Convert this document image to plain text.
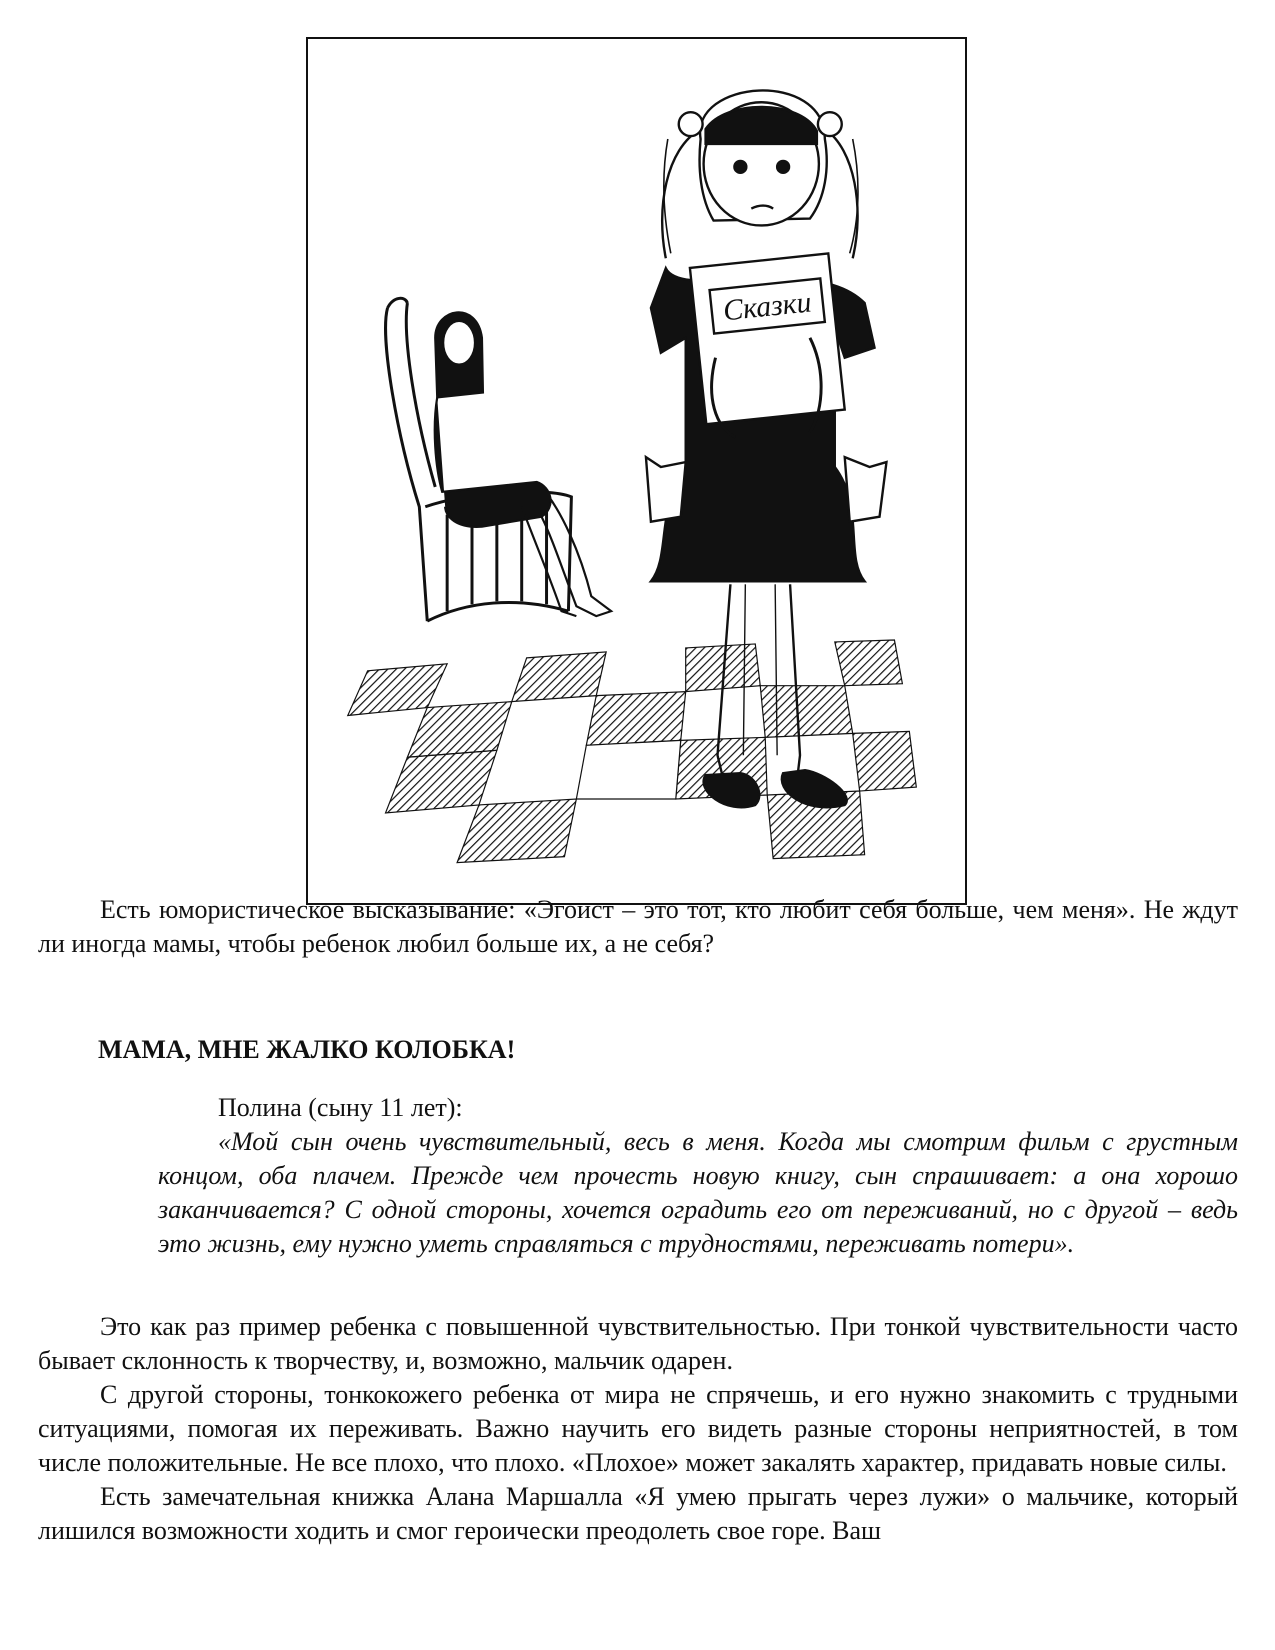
Сказки

Есть юмористическое высказывание: «Эгоист – это тот, кто любит себя больше, чем меня». Не ждут ли иногда мамы, чтобы ребенок любил больше их, а не себя?

МАМА, МНЕ ЖАЛКО КОЛОБКА!

Полина (сыну 11 лет):

«Мой сын очень чувствительный, весь в меня. Когда мы смотрим фильм с грустным концом, оба плачем. Прежде чем прочесть новую книгу, сын спрашивает: а она хорошо заканчивается? С одной стороны, хочется оградить его от переживаний, но с другой – ведь это жизнь, ему нужно уметь справляться с трудностями, переживать потери».

Это как раз пример ребенка с повышенной чувствительностью. При тонкой чувствительности часто бывает склонность к творчеству, и, возможно, мальчик одарен.

С другой стороны, тонкокожего ребенка от мира не спрячешь, и его нужно знакомить с трудными ситуациями, помогая их переживать. Важно научить его видеть разные стороны неприятностей, в том числе положительные. Не все плохо, что плохо. «Плохое» может закалять характер, придавать новые силы.

Есть замечательная книжка Алана Маршалла «Я умею прыгать через лужи» о мальчике, который лишился возможности ходить и смог героически преодолеть свое горе. Ваш
